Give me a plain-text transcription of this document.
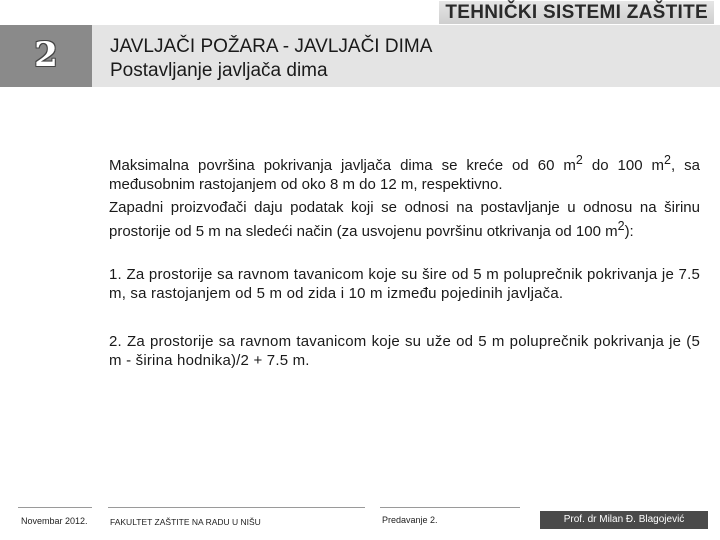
TEHNIČKI SISTEMI ZAŠTITE
2	JAVLJAČI POŽARA - JAVLJAČI DIMA
Postavljanje javljača dima
Maksimalna površina pokrivanja javljača dima se kreće od 60 $m^2$ do 100 $m^2$, sa međusobnim rastojanjem od oko 8 m do 12 m, respektivno.
Zapadni proizvođači daju podatak koji se odnosi na postavljanje u odnosu na širinu prostorije od 5 m na sledeći način (za usvojenu površinu otkrivanja od 100 $m^2$):
1. Za prostorije sa ravnom tavanicom koje su šire od 5 m poluprečnik pokrivanja je 7.5 m, sa rastojanjem od 5 m od zida i 10 m između pojedinih javljača.
2. Za prostorije sa ravnom tavanicom koje su uže od 5 m poluprečnik pokrivanja je (5 m - širina hodnika)/2 + 7.5 m.
Novembar 2012.	FAKULTET ZAŠTITE NA RADU U NIŠU	Predavanje 2.	Prof. dr Milan Đ. Blagojević
